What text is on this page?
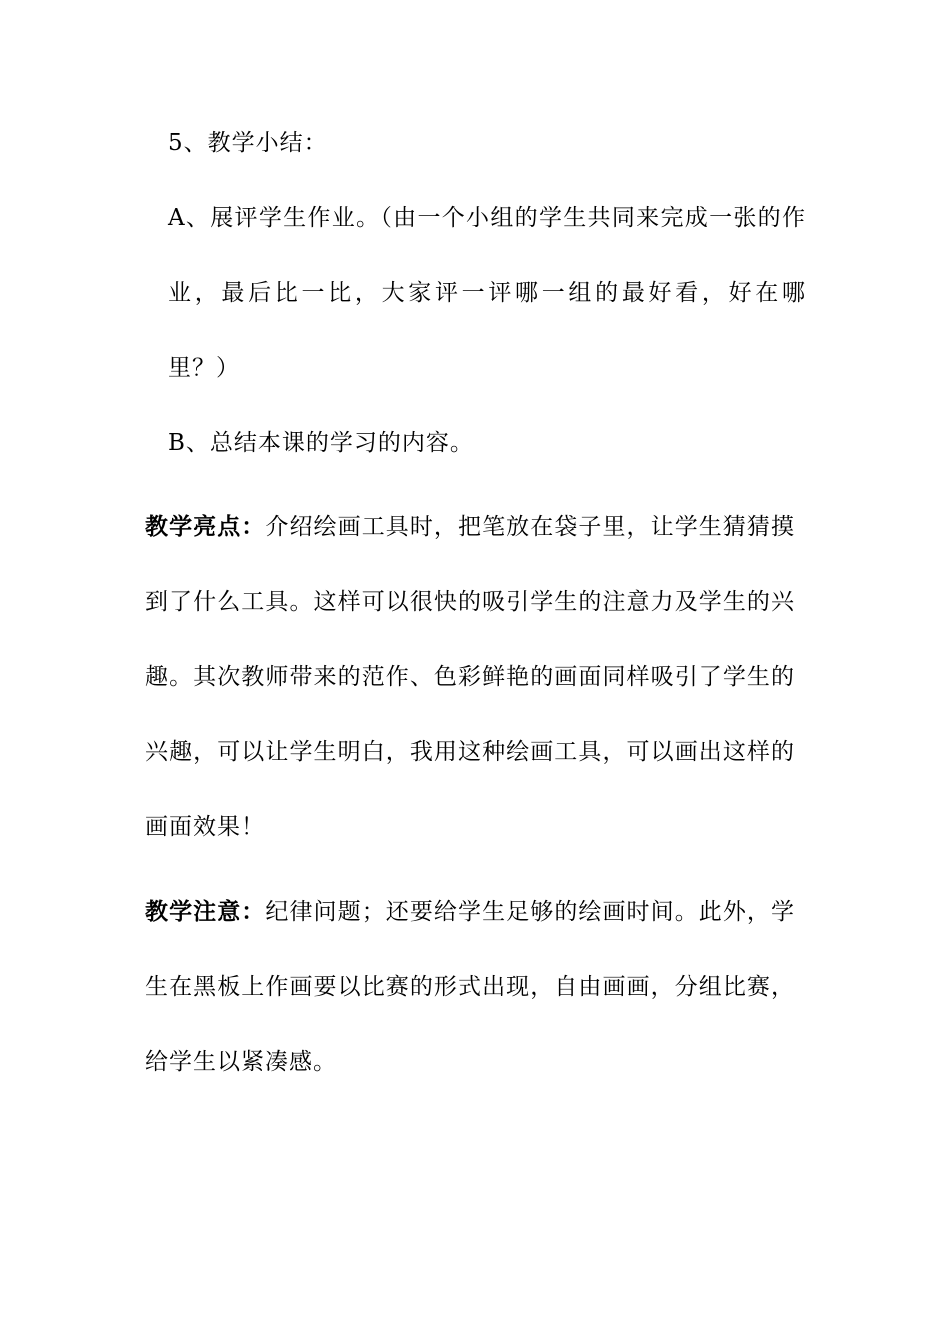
5、教学小结：
A、展评学生作业。（由一个小组的学生共同来完成一张的作
业，最后比一比，大家评一评哪一组的最好看，好在哪
里？）
B、总结本课的学习的内容。
教学亮点：介绍绘画工具时，把笔放在袋子里，让学生猜猜摸
到了什么工具。这样可以很快的吸引学生的注意力及学生的兴
趣。其次教师带来的范作、色彩鲜艳的画面同样吸引了学生的
兴趣，可以让学生明白，我用这种绘画工具，可以画出这样的
画面效果！
教学注意：纪律问题；还要给学生足够的绘画时间。此外，学
生在黑板上作画要以比赛的形式出现，自由画画，分组比赛，
给学生以紧凑感。
